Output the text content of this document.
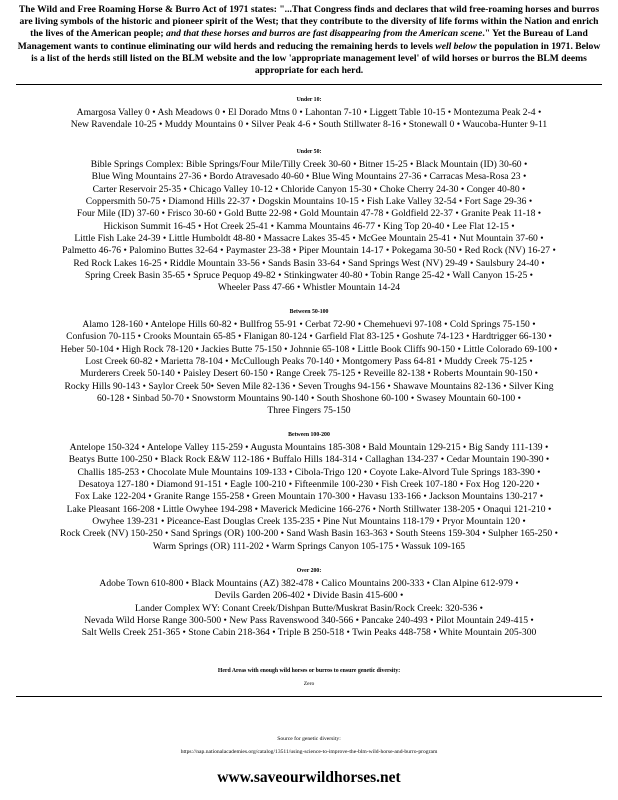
The Wild and Free Roaming Horse & Burro Act of 1971 states: "...That Congress finds and declares that wild free-roaming horses and burros are living symbols of the historic and pioneer spirit of the West; that they contribute to the diversity of life forms within the Nation and enrich the lives of the American people; and that these horses and burros are fast disappearing from the American scene." Yet the Bureau of Land Management wants to continue eliminating our wild herds and reducing the remaining herds to levels well below the population in 1971. Below is a list of the herds still listed on the BLM website and the low 'appropriate management level' of wild horses or burros the BLM deems appropriate for each herd.
Under 10:
Amargosa Valley 0 • Ash Meadows 0 • El Dorado Mtns 0 • Lahontan 7-10 • Liggett Table 10-15 • Montezuma Peak 2-4 •
New Ravendale 10-25 • Muddy Mountains 0 • Silver Peak 4-6 • South Stillwater 8-16 • Stonewall 0 • Waucoba-Hunter 9-11
Under 50:
Bible Springs Complex: Bible Springs/Four Mile/Tilly Creek 30-60 • Bitner 15-25 • Black Mountain (ID) 30-60 •
Blue Wing Mountains 27-36 • Bordo Atravesado 40-60 • Blue Wing Mountains 27-36 • Carracas Mesa-Rosa 23 •
Carter Reservoir 25-35 • Chicago Valley 10-12 • Chloride Canyon 15-30 • Choke Cherry 24-30 • Conger 40-80 •
Coppersmith 50-75 • Diamond Hills 22-37 • Dogskin Mountains 10-15 • Fish Lake Valley 32-54 • Fort Sage 29-36 •
Four Mile (ID) 37-60 • Frisco 30-60 • Gold Butte 22-98 • Gold Mountain 47-78 • Goldfield 22-37 • Granite Peak 11-18 •
Hickison Summit 16-45 • Hot Creek 25-41 • Kamma Mountains 46-77 • King Top 20-40 • Lee Flat 12-15 •
Little Fish Lake 24-39 • Little Humboldt 48-80 • Massacre Lakes 35-45 • McGee Mountain 25-41 • Nut Mountain 37-60 •
Palmetto 46-76 • Palomino Buttes 32-64 • Paymaster 23-38 • Piper Mountain 14-17 • Pokegama 30-50 • Red Rock (NV) 16-27 •
Red Rock Lakes 16-25 • Riddle Mountain 33-56 • Sands Basin 33-64 • Sand Springs West (NV) 29-49 • Saulsbury 24-40 •
Spring Creek Basin 35-65 • Spruce Pequop 49-82 • Stinkingwater 40-80 • Tobin Range 25-42 • Wall Canyon 15-25 •
Wheeler Pass 47-66 • Whistler Mountain 14-24
Between 50-100
Alamo 128-160 • Antelope Hills 60-82 • Bullfrog 55-91 • Cerbat 72-90 • Chemehuevi 97-108 • Cold Springs 75-150 •
Confusion 70-115 • Crooks Mountain 65-85 • Flanigan 80-124 • Garfield Flat 83-125 • Goshute 74-123 • Hardtrigger 66-130 •
Heber 50-104 • High Rock 78-120 • Jackies Butte 75-150 • Johnnie 65-108 • Little Book Cliffs 90-150 • Little Colorado 69-100 •
Lost Creek 60-82 • Marietta 78-104 • McCullough Peaks 70-140 • Montgomery Pass 64-81 • Muddy Creek 75-125 •
Murderers Creek 50-140 • Paisley Desert 60-150 • Range Creek 75-125 • Reveille 82-138 • Roberts Mountain 90-150 •
Rocky Hills 90-143 • Saylor Creek 50• Seven Mile 82-136 • Seven Troughs 94-156 • Shawave Mountains 82-136 • Silver King
60-128 • Sinbad 50-70 • Snowstorm Mountains 90-140 • South Shoshone 60-100 • Swasey Mountain 60-100 •
Three Fingers 75-150
Between 100-200
Antelope 150-324 • Antelope Valley 115-259 • Augusta Mountains 185-308 • Bald Mountain 129-215 • Big Sandy 111-139 •
Beatys Butte 100-250 • Black Rock E&W 112-186 • Buffalo Hills 184-314 • Callaghan 134-237 • Cedar Mountain 190-390 •
Challis 185-253 • Chocolate Mule Mountains 109-133 • Cibola-Trigo 120 • Coyote Lake-Alvord Tule Springs 183-390 •
Desatoya 127-180 • Diamond 91-151 • Eagle 100-210 • Fifteenmile 100-230 • Fish Creek 107-180 • Fox Hog 120-220 •
Fox Lake 122-204 • Granite Range 155-258 • Green Mountain 170-300 • Havasu 133-166 • Jackson Mountains 130-217 •
Lake Pleasant 166-208 • Little Owyhee 194-298 • Maverick Medicine 166-276 • North Stillwater 138-205 • Onaqui 121-210 •
Owyhee 139-231 • Piceance-East Douglas Creek 135-235 • Pine Nut Mountains 118-179 • Pryor Mountain 120 •
Rock Creek (NV) 150-250 • Sand Springs (OR) 100-200 • Sand Wash Basin 163-363 • South Steens 159-304 • Sulpher 165-250 •
Warm Springs (OR) 111-202 • Warm Springs Canyon 105-175 • Wassuk 109-165
Over 200:
Adobe Town 610-800 • Black Mountains (AZ) 382-478 • Calico Mountains 200-333 • Clan Alpine 612-979 •
Devils Garden 206-402 • Divide Basin 415-600 •
Lander Complex WY: Conant Creek/Dishpan Butte/Muskrat Basin/Rock Creek: 320-536 •
Nevada Wild Horse Range 300-500 • New Pass Ravenswood 340-566 • Pancake 240-493 • Pilot Mountain 249-415 •
Salt Wells Creek 251-365 • Stone Cabin 218-364 • Triple B 250-518 • Twin Peaks 448-758 • White Mountain 205-300
Herd Areas with enough wild horses or burros to ensure genetic diversity:
Zero
Source for genetic diversity:
https://nap.nationalacademies.org/catalog/13511/using-science-to-improve-the-blm-wild-horse-and-burro-program
www.saveourwildhorses.net
